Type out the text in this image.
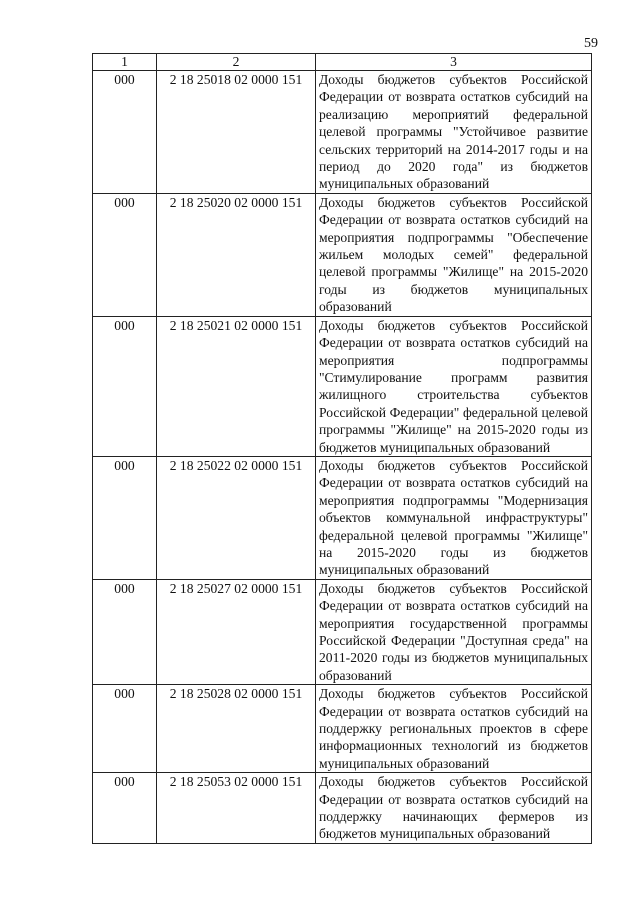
59
1	2	3
000	2 18 25018 02 0000 151	Доходы бюджетов субъектов Российской Федерации от возврата остатков субсидий на реализацию мероприятий федеральной целевой программы "Устойчивое развитие сельских территорий на 2014-2017 годы и на период до 2020 года" из бюджетов муниципальных образований
000	2 18 25020 02 0000 151	Доходы бюджетов субъектов Российской Федерации от возврата остатков субсидий на мероприятия подпрограммы "Обеспечение жильем молодых семей" федеральной целевой программы "Жилище" на 2015-2020 годы из бюджетов муниципальных образований
000	2 18 25021 02 0000 151	Доходы бюджетов субъектов Российской Федерации от возврата остатков субсидий на мероприятия подпрограммы "Стимулирование программ развития жилищного строительства субъектов Российской Федерации" федеральной целевой программы "Жилище" на 2015-2020 годы из бюджетов муниципальных образований
000	2 18 25022 02 0000 151	Доходы бюджетов субъектов Российской Федерации от возврата остатков субсидий на мероприятия подпрограммы "Модернизация объектов коммунальной инфраструктуры" федеральной целевой программы "Жилище" на 2015-2020 годы из бюджетов муниципальных образований
000	2 18 25027 02 0000 151	Доходы бюджетов субъектов Российской Федерации от возврата остатков субсидий на мероприятия государственной программы Российской Федерации "Доступная среда" на 2011-2020 годы из бюджетов муниципальных образований
000	2 18 25028 02 0000 151	Доходы бюджетов субъектов Российской Федерации от возврата остатков субсидий на поддержку региональных проектов в сфере информационных технологий из бюджетов муниципальных образований
000	2 18 25053 02 0000 151	Доходы бюджетов субъектов Российской Федерации от возврата остатков субсидий на поддержку начинающих фермеров из бюджетов муниципальных образований
